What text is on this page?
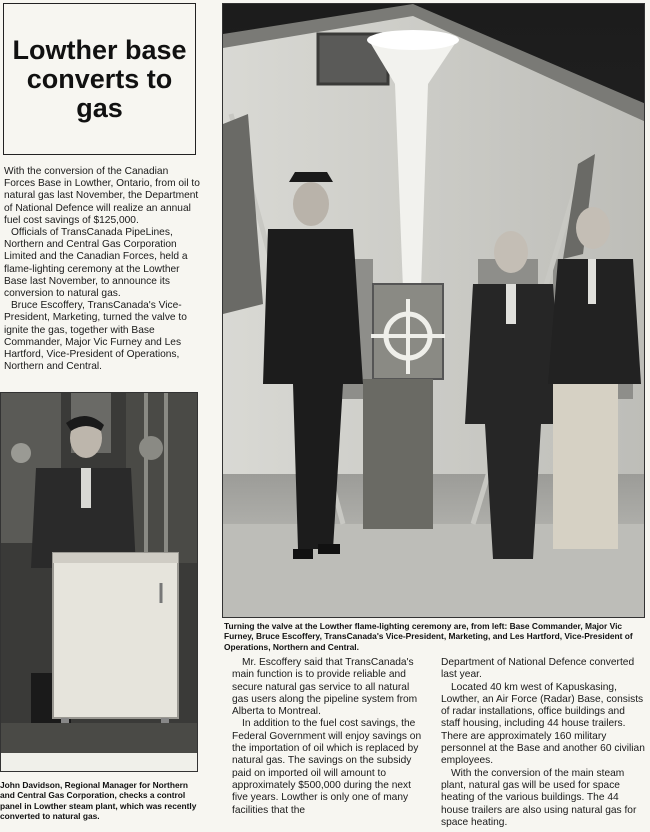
Lowther base converts to gas

With the conversion of the Canadian Forces Base in Lowther, Ontario, from oil to natural gas last November, the Department of National Defence will realize an annual fuel cost savings of $125,000.

Officials of TransCanada PipeLines, Northern and Central Gas Corporation Limited and the Canadian Forces, held a flame-lighting ceremony at the Lowther Base last November, to announce its conversion to natural gas.

Bruce Escoffery, TransCanada's Vice-President, Marketing, turned the valve to ignite the gas, together with Base Commander, Major Vic Furney and Les Hartford, Vice-President of Operations, Northern and Central.

Turning the valve at the Lowther flame-lighting ceremony are, from left: Base Commander, Major Vic Furney, Bruce Escoffery, TransCanada's Vice-President, Marketing, and Les Hartford, Vice-President of Operations, Northern and Central.
John Davidson, Regional Manager for Northern and Central Gas Corporation, checks a control panel in Lowther steam plant, which was recently converted to natural gas.

Mr. Escoffery said that TransCanada's main function is to provide reliable and secure natural gas service to all natural gas users along the pipeline system from Alberta to Montreal.

In addition to the fuel cost savings, the Federal Government will enjoy savings on the importation of oil which is replaced by natural gas. The savings on the subsidy paid on imported oil will amount to approximately $500,000 during the next five years. Lowther is only one of many facilities that the

Department of National Defence converted last year.

Located 40 km west of Kapuskasing, Lowther, an Air Force (Radar) Base, consists of radar installations, office buildings and staff housing, including 44 house trailers. There are approximately 160 military personnel at the Base and another 60 civilian employees.

With the conversion of the main steam plant, natural gas will be used for space heating of the various buildings. The 44 house trailers are also using natural gas for space heating.
